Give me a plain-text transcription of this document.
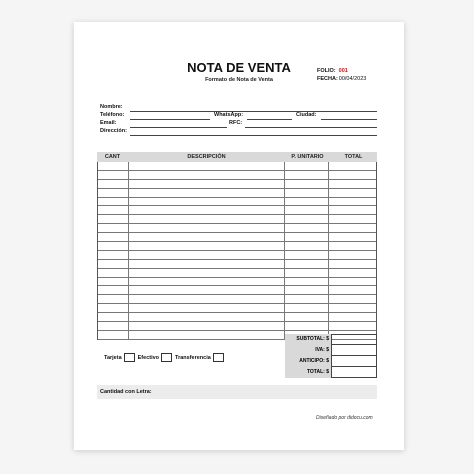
NOTA DE VENTA
Formato de Nota de Venta
FOLIO: 001
FECHA:00/04/2023
Nombre:
Teléfono:	WhatsApp:	Ciudad:
Email:	RFC:
Dirección:
CANT	DESCRIPCIÓN	P. UNITARIO	TOTAL
SUBTOTAL: $
IVA: $
ANTICIPO: $
TOTAL: $
Tarjeta	Efectivo	Transferencia
Cantidad con Letra:
Diseñado por didocu.com
